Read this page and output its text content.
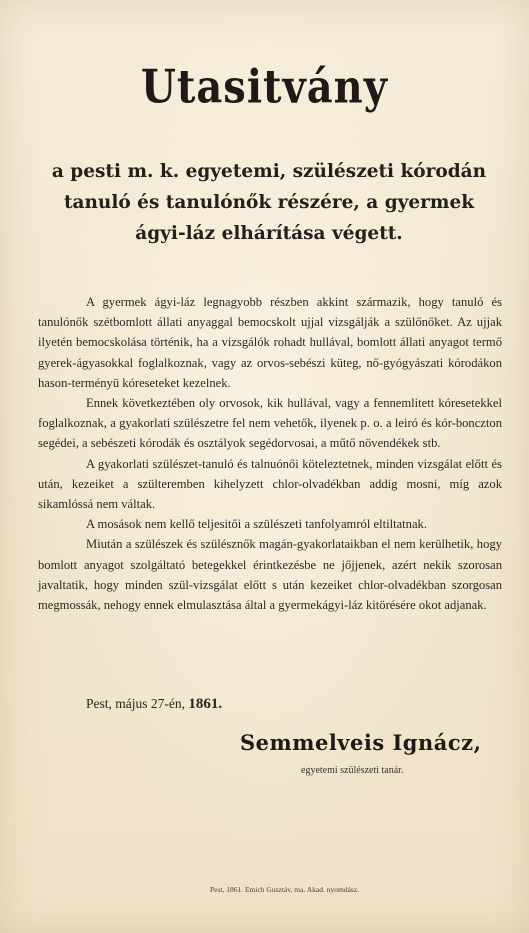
Utasitvány
a pesti m. k. egyetemi, szülészeti kórodán tanuló és tanulónők részére, a gyermek ágyi-láz elhárítása végett.

A gyermek ágyi-láz legnagyobb részben akkint származik, hogy tanuló és tanulónők szétbomlott állati anyaggal bemocskolt ujjal vizsgálják a szülőnőket. Az ujjak ilyetén bemocskolása történik, ha a vizsgálók rohadt hullával, bomlott állati anyagot termő gyerek-ágyasokkal foglalkoznak, vagy az orvos-sebészi küteg, nő-gyógyászati kórodákon hason-terményü kóreseteket kezelnek.

Ennek következtében oly orvosok, kik hullával, vagy a fennemlitett kóresetekkel foglalkoznak, a gyakorlati szülészetre fel nem vehetők, ilyenek p. o. a leiró és kór-bonczton segédei, a sebészeti kórodák és osztályok segédorvosai, a műtő növendékek stb.

A gyakorlati szülészet-tanuló és talnuónői köteleztetnek, minden vizsgálat előtt és után, kezeiket a szülteremben kihelyzett chlor-olvadékban addig mosni, míg azok sikamlóssá nem váltak.

A mosások nem kellő teljesitői a szülészeti tanfolyamról eltiltatnak.

Miután a szülészek és szülésznők magán-gyakorlataikban el nem kerülhetik, hogy bomlott anyagot szolgáltató betegekkel érintkezésbe ne jőjjenek, azért nekik szorosan javaltatik, hogy minden szül-vizsgálat előtt s után kezeiket chlor-olvadékban szorgosan megmossák, nehogy ennek elmulasztása által a gyermekágyi-láz kitörésére okot adjanak.

Pest, május 27-én, 1861.
Semmelveis Ignácz,
egyetemi szülészeti tanár.
Pest, 1861. Emich Gusztáv, ma. Akad. nyomdász.
